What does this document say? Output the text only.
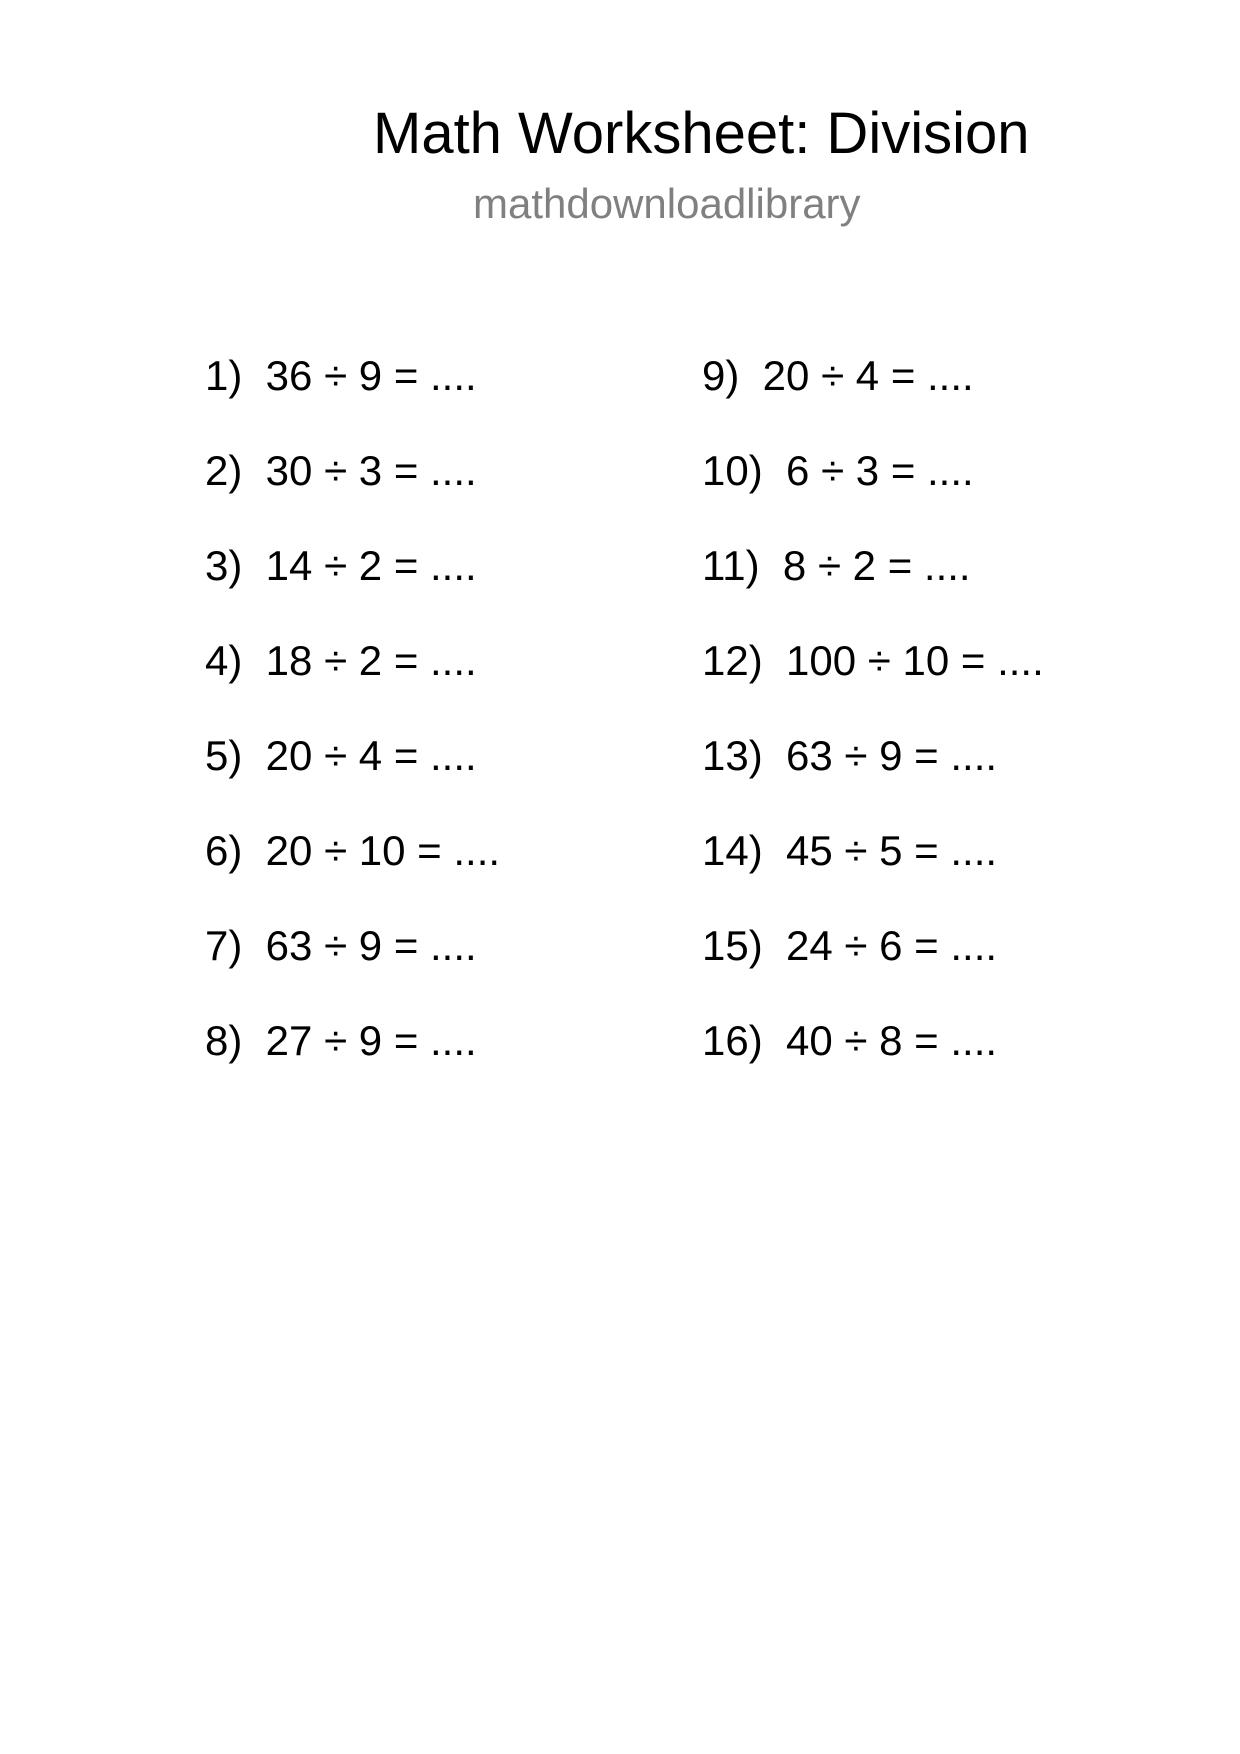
Math Worksheet: Division
mathdownloadlibrary
1)  36 ÷ 9 = ....
2)  30 ÷ 3 = ....
3)  14 ÷ 2 = ....
4)  18 ÷ 2 = ....
5)  20 ÷ 4 = ....
6)  20 ÷ 10 = ....
7)  63 ÷ 9 = ....
8)  27 ÷ 9 = ....
9)  20 ÷ 4 = ....
10)  6 ÷ 3 = ....
11)  8 ÷ 2 = ....
12)  100 ÷ 10 = ....
13)  63 ÷ 9 = ....
14)  45 ÷ 5 = ....
15)  24 ÷ 6 = ....
16)  40 ÷ 8 = ....
